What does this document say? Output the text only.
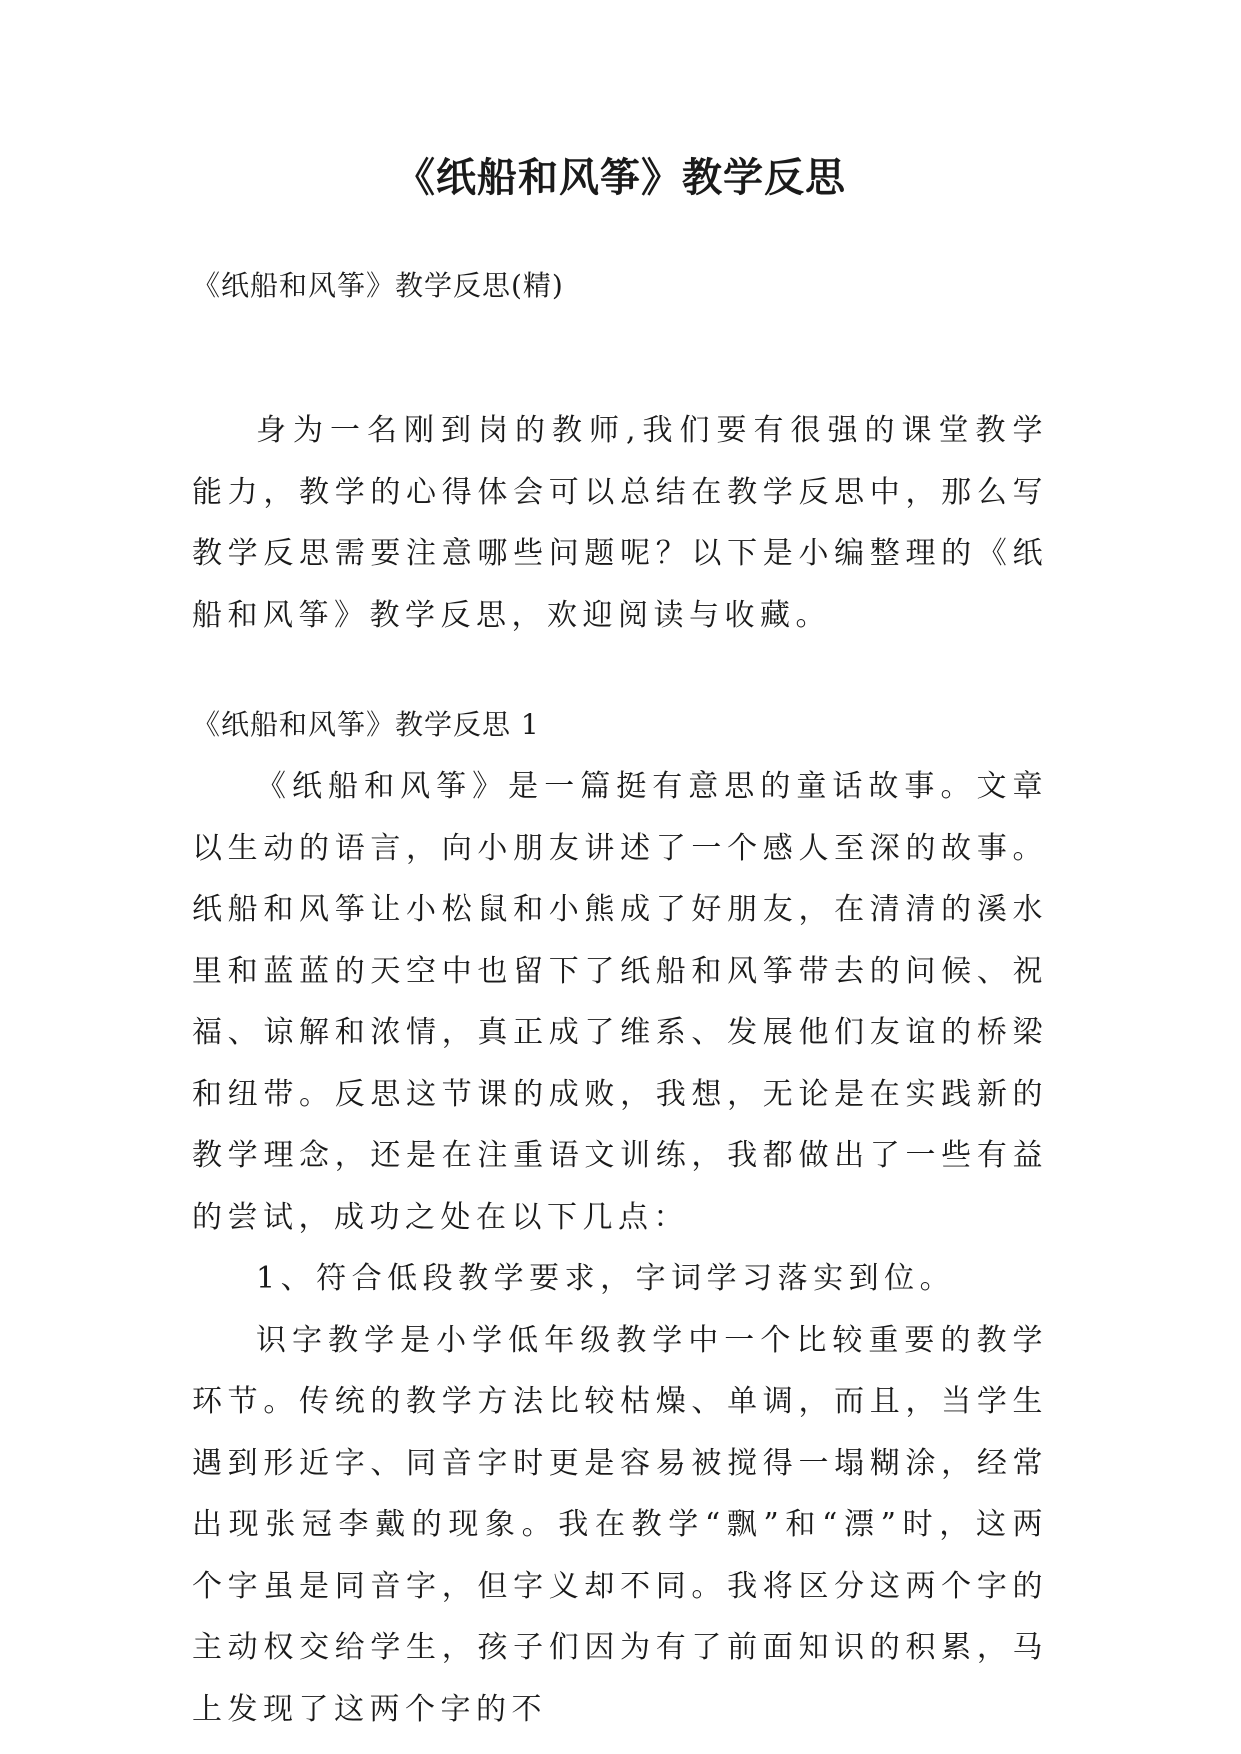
《纸船和风筝》教学反思
《纸船和风筝》教学反思(精)

身为一名刚到岗的教师,我们要有很强的课堂教学能力，教学的心得体会可以总结在教学反思中，那么写教学反思需要注意哪些问题呢？以下是小编整理的《纸船和风筝》教学反思，欢迎阅读与收藏。

《纸船和风筝》教学反思 1

《纸船和风筝》是一篇挺有意思的童话故事。文章以生动的语言，向小朋友讲述了一个感人至深的故事。纸船和风筝让小松鼠和小熊成了好朋友，在清清的溪水里和蓝蓝的天空中也留下了纸船和风筝带去的问候、祝福、谅解和浓情，真正成了维系、发展他们友谊的桥梁和纽带。反思这节课的成败，我想，无论是在实践新的教学理念，还是在注重语文训练，我都做出了一些有益的尝试，成功之处在以下几点：

1、符合低段教学要求，字词学习落实到位。

识字教学是小学低年级教学中一个比较重要的教学环节。传统的教学方法比较枯燥、单调，而且，当学生遇到形近字、同音字时更是容易被搅得一塌糊涂，经常出现张冠李戴的现象。我在教学“飘”和“漂”时，这两个字虽是同音字，但字义却不同。我将区分这两个字的主动权交给学生，孩子们因为有了前面知识的积累，马上发现了这两个字的不
